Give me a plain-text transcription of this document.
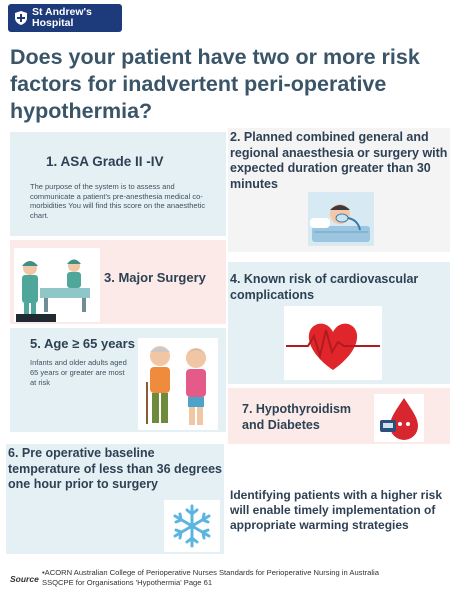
St Andrew's
Hospital
Does your patient have two or more risk factors for inadvertent peri-operative hypothermia?
1. ASA Grade II -IV
The purpose of the system is to assess and communicate a patient's pre-anesthesia medical co-morbidities You will find this score on the anaesthetic chart.
2. Planned combined general and regional anaesthesia or surgery with expected duration greater than 30 minutes
3. Major Surgery 4. Known risk of cardiovascular complications
5. Age ≥ 65 years
Infants and older adults aged 65 years or greater are most at risk
7. Hypothyroidism and Diabetes
6. Pre operative baseline temperature of less than 36 degrees one hour prior to surgery
Identifying patients with a higher risk will enable timely implementation of appropriate warming strategies
Source
•ACORN Australian College of Perioperative Nurses Standards for Perioperative Nursing in Australia
SSQCPE for Organisations 'Hypothermia' Page 61
